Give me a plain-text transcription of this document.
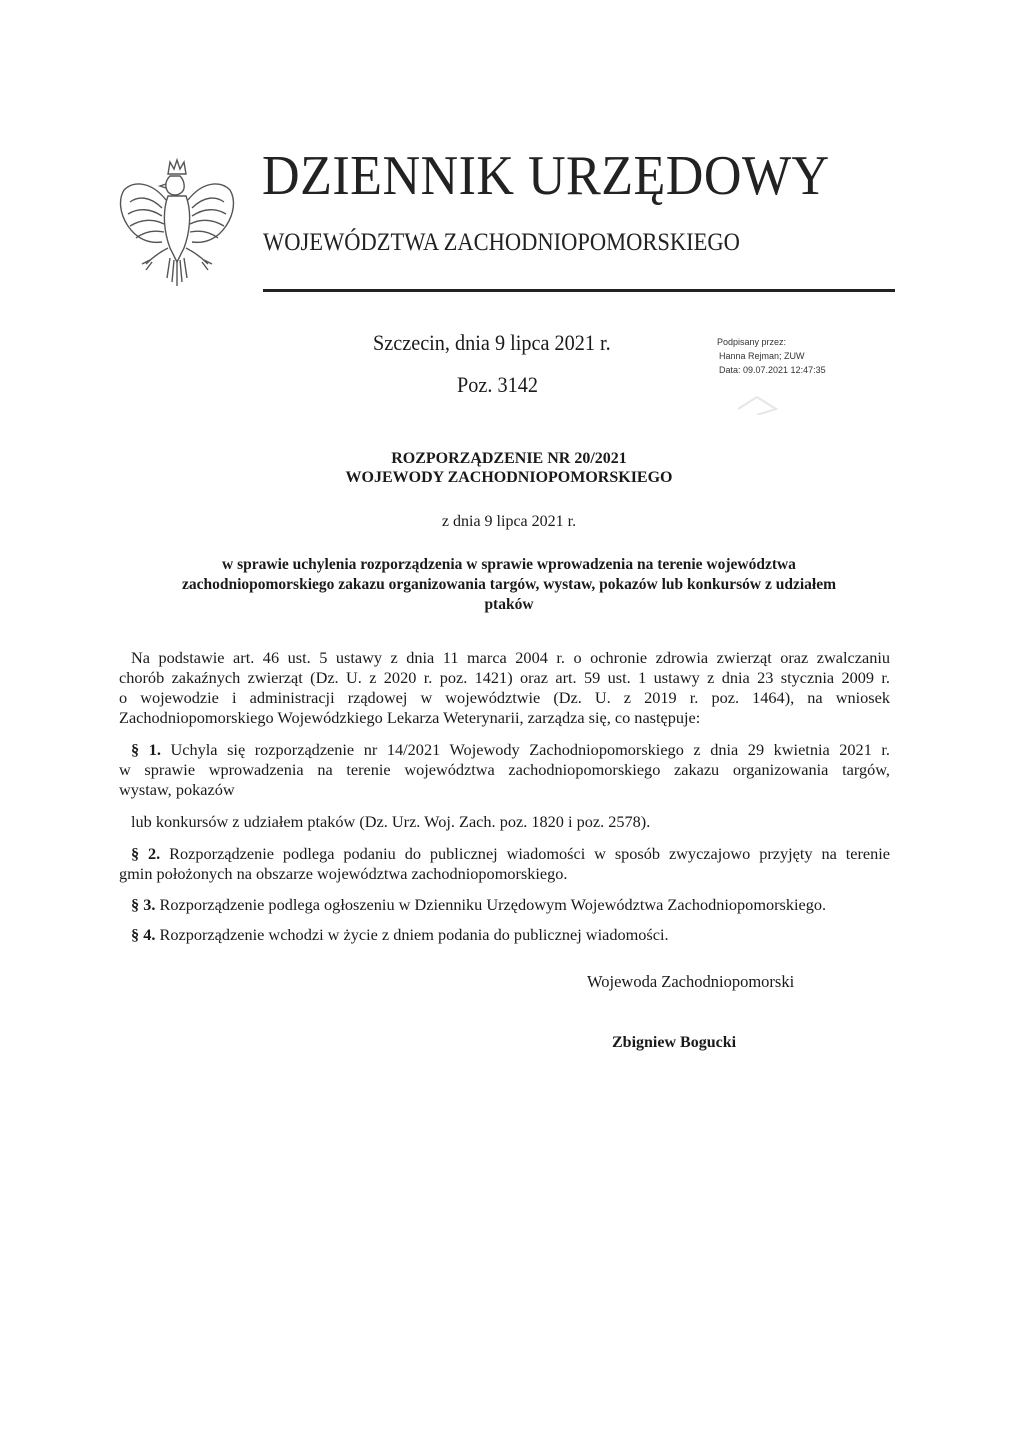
DZIENNIK URZĘDOWY
WOJEWÓDZTWA ZACHODNIOPOMORSKIEGO
Szczecin, dnia 9 lipca 2021 r.
Poz. 3142
Podpisany przez:
Hanna Rejman; ZUW
Data: 09.07.2021 12:47:35
ROZPORZĄDZENIE NR 20/2021
WOJEWODY ZACHODNIOPOMORSKIEGO
z dnia 9 lipca 2021 r.
w sprawie uchylenia rozporządzenia w sprawie wprowadzenia na terenie województwa
zachodniopomorskiego zakazu organizowania targów, wystaw, pokazów lub konkursów z udziałem
ptaków
Na podstawie art. 46 ust. 5 ustawy z dnia 11 marca 2004 r. o ochronie zdrowia zwierząt oraz zwalczaniu
chorób zakaźnych zwierząt (Dz. U. z 2020 r. poz. 1421) oraz art. 59 ust. 1 ustawy z dnia 23 stycznia 2009 r.
o wojewodzie i administracji rządowej w województwie (Dz. U. z 2019 r. poz. 1464), na wniosek
Zachodniopomorskiego Wojewódzkiego Lekarza Weterynarii, zarządza się, co następuje:
§ 1. Uchyla się rozporządzenie nr 14/2021 Wojewody Zachodniopomorskiego z dnia 29 kwietnia 2021 r.
w sprawie wprowadzenia na terenie województwa zachodniopomorskiego zakazu organizowania targów,
wystaw, pokazów
lub konkursów z udziałem ptaków (Dz. Urz. Woj. Zach. poz. 1820 i poz. 2578).
§ 2. Rozporządzenie podlega podaniu do publicznej wiadomości w sposób zwyczajowo przyjęty na terenie
gmin położonych na obszarze województwa zachodniopomorskiego.
§ 3. Rozporządzenie podlega ogłoszeniu w Dzienniku Urzędowym Województwa Zachodniopomorskiego.
§ 4. Rozporządzenie wchodzi w życie z dniem podania do publicznej wiadomości.
Wojewoda Zachodniopomorski
Zbigniew Bogucki
